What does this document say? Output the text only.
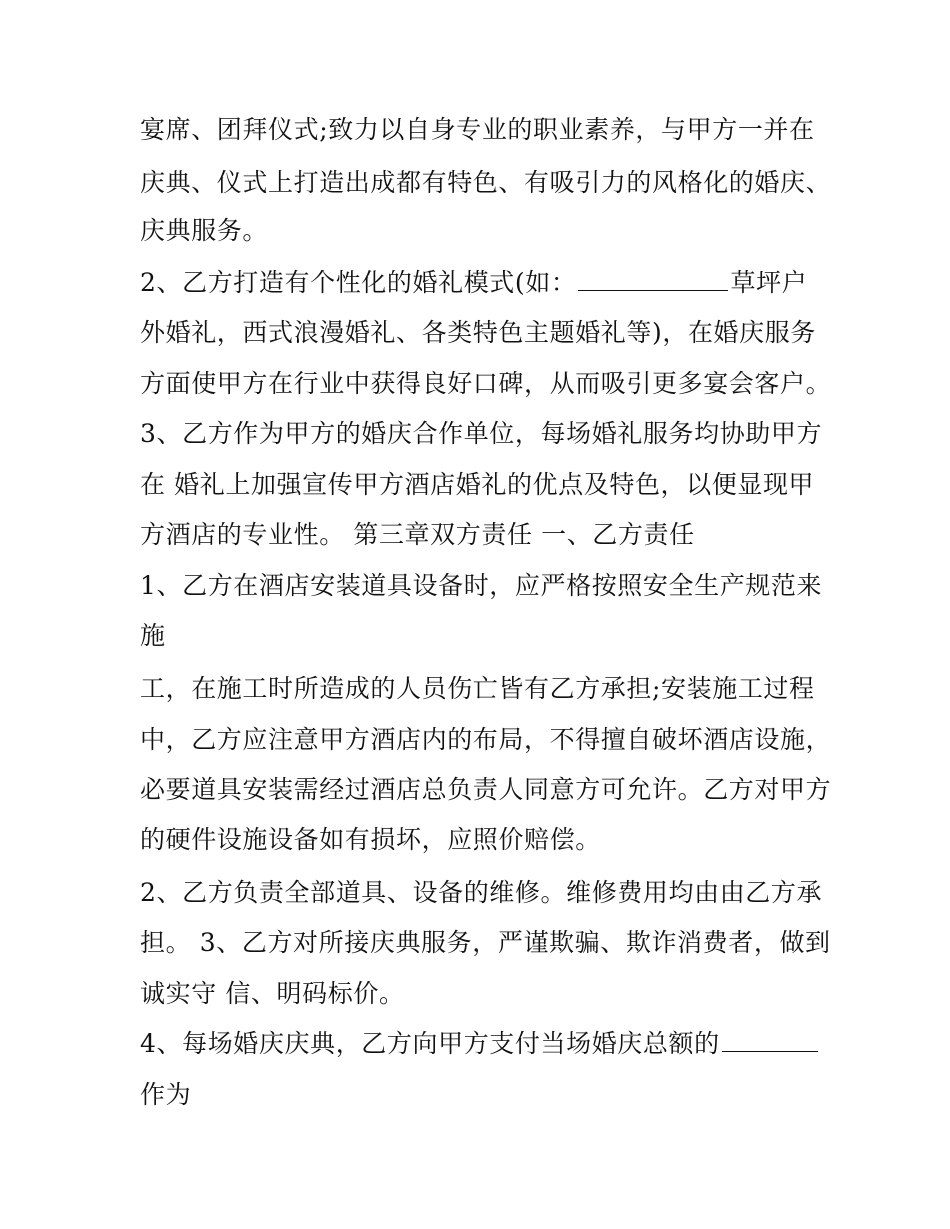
宴席、团拜仪式;致力以自身专业的职业素养，与甲方一并在
庆典、仪式上打造出成都有特色、有吸引力的风格化的婚庆、
庆典服务。
2、乙方打造有个性化的婚礼模式(如：	草坪户
外婚礼，西式浪漫婚礼、各类特色主题婚礼等)，在婚庆服务
方面使甲方在行业中获得良好口碑，从而吸引更多宴会客户。
3、乙方作为甲方的婚庆合作单位，每场婚礼服务均协助甲方
在 婚礼上加强宣传甲方酒店婚礼的优点及特色，以便显现甲
方酒店的专业性。 第三章双方责任 一、乙方责任
1、乙方在酒店安装道具设备时，应严格按照安全生产规范来
施
工，在施工时所造成的人员伤亡皆有乙方承担;安装施工过程
中，乙方应注意甲方酒店内的布局，不得擅自破坏酒店设施，
必要道具安装需经过酒店总负责人同意方可允许。乙方对甲方
的硬件设施设备如有损坏，应照价赔偿。
2、乙方负责全部道具、设备的维修。维修费用均由由乙方承
担。 3、乙方对所接庆典服务，严谨欺骗、欺诈消费者，做到
诚实守 信、明码标价。
4、每场婚庆庆典，乙方向甲方支付当场婚庆总额的
作为
